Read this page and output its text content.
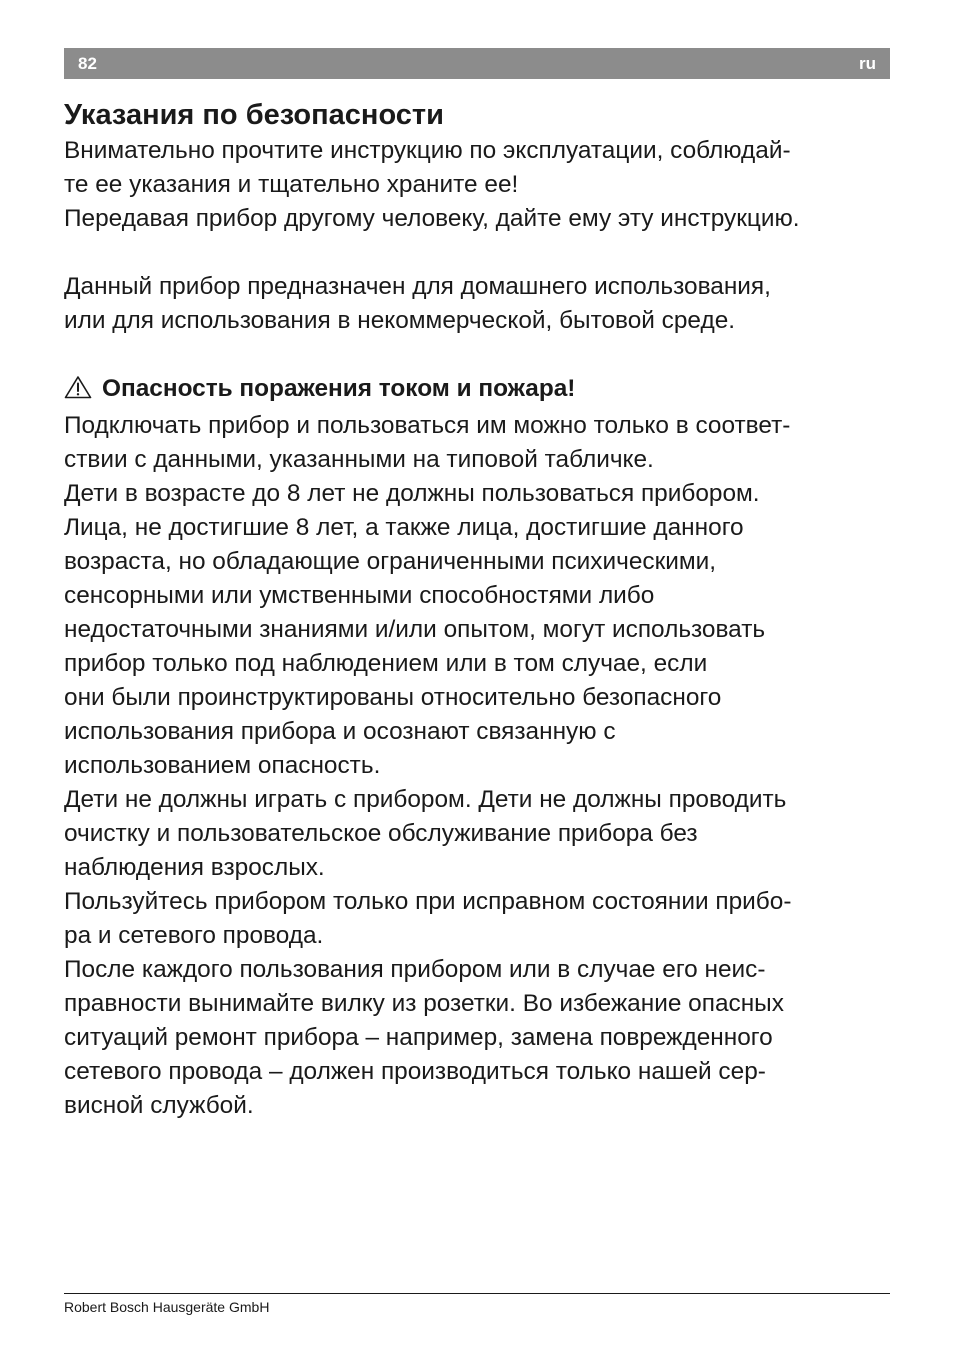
82	ru
Указания по безопасности

Внимательно прочтите инструкцию по эксплуатации, соблюдай-

те ее указания и тщательно храните ее!

Передавая прибор другому человеку, дайте ему эту инструкцию.

Данный прибор предназначен для домашнего использования,

или для использования в некоммерческой, бытовой среде.

Опасность поражения током и пожара!

Подключать прибор и пользоваться им можно только в соответ-

ствии с данными, указанными на типовой табличке.

Дети в возрасте до 8 лет не должны пользоваться прибором.

Лица, не достигшие 8 лет, а также лица, достигшие данного

возраста, но обладающие ограниченными психическими,

сенсорными или умственными способностями либо

недостаточными знаниями и/или опытом, могут использовать

прибор только под наблюдением или в том случае, если

они были проинструктированы относительно безопасного

использования прибора и осознают связанную с

использованием опасность.

Дети не должны играть с прибором. Дети не должны проводить

очистку и пользовательское обслуживание прибора без

наблюдения взрослых.

Пользуйтесь прибором только при исправном состоянии прибо-

ра и сетевого провода.

После каждого пользования прибором или в случае его неис-

правности вынимайте вилку из розетки. Во избежание опасных

ситуаций ремонт прибора – например, замена поврежденного

сетевого провода – должен производиться только нашей сер-

висной службой.

Robert Bosch Hausgeräte GmbH
